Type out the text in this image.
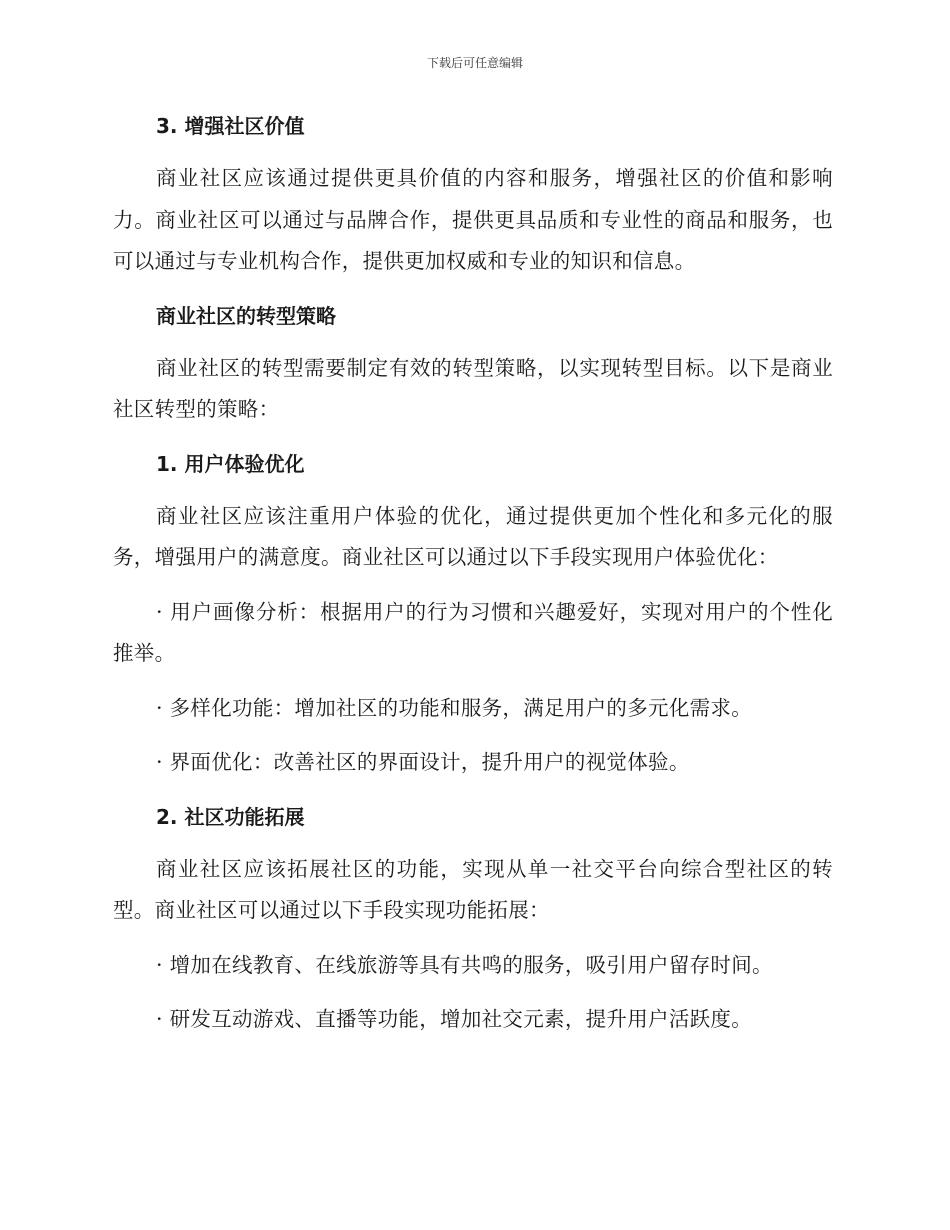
下载后可任意编辑
3. 增强社区价值

商业社区应该通过提供更具价值的内容和服务，增强社区的价值和影响力。商业社区可以通过与品牌合作，提供更具品质和专业性的商品和服务，也可以通过与专业机构合作，提供更加权威和专业的知识和信息。

商业社区的转型策略

商业社区的转型需要制定有效的转型策略，以实现转型目标。以下是商业社区转型的策略：

1. 用户体验优化

商业社区应该注重用户体验的优化，通过提供更加个性化和多元化的服务，增强用户的满意度。商业社区可以通过以下手段实现用户体验优化：

· 用户画像分析：根据用户的行为习惯和兴趣爱好，实现对用户的个性化推举。

· 多样化功能：增加社区的功能和服务，满足用户的多元化需求。

· 界面优化：改善社区的界面设计，提升用户的视觉体验。

2. 社区功能拓展

商业社区应该拓展社区的功能，实现从单一社交平台向综合型社区的转型。商业社区可以通过以下手段实现功能拓展：

· 增加在线教育、在线旅游等具有共鸣的服务，吸引用户留存时间。

· 研发互动游戏、直播等功能，增加社交元素，提升用户活跃度。
